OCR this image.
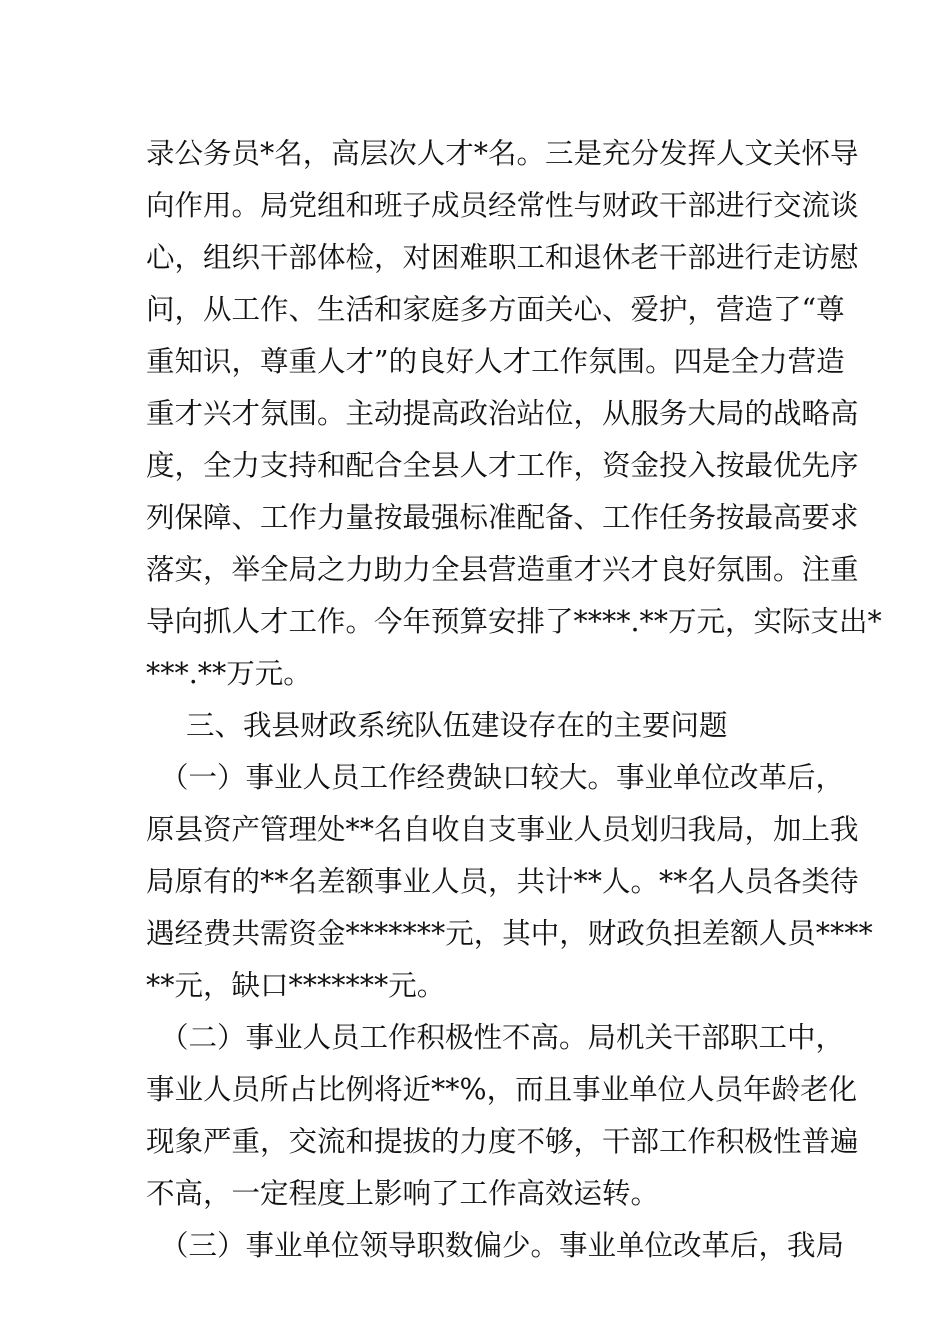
录公务员*名，高层次人才*名。三是充分发挥人文关怀导
向作用。局党组和班子成员经常性与财政干部进行交流谈
心，组织干部体检，对困难职工和退休老干部进行走访慰
问，从工作、生活和家庭多方面关心、爱护，营造了“尊
重知识，尊重人才”的良好人才工作氛围。四是全力营造
重才兴才氛围。主动提高政治站位，从服务大局的战略高
度，全力支持和配合全县人才工作，资金投入按最优先序
列保障、工作力量按最强标准配备、工作任务按最高要求
落实，举全局之力助力全县营造重才兴才良好氛围。注重
导向抓人才工作。今年预算安排了****.**万元，实际支出*
***.**万元。
三、我县财政系统队伍建设存在的主要问题
（一）事业人员工作经费缺口较大。事业单位改革后，
原县资产管理处**名自收自支事业人员划归我局，加上我
局原有的**名差额事业人员，共计**人。**名人员各类待
遇经费共需资金*******元，其中，财政负担差额人员****
**元，缺口*******元。
（二）事业人员工作积极性不高。局机关干部职工中，
事业人员所占比例将近**%，而且事业单位人员年龄老化
现象严重，交流和提拔的力度不够，干部工作积极性普遍
不高，一定程度上影响了工作高效运转。
（三）事业单位领导职数偏少。事业单位改革后，我局
